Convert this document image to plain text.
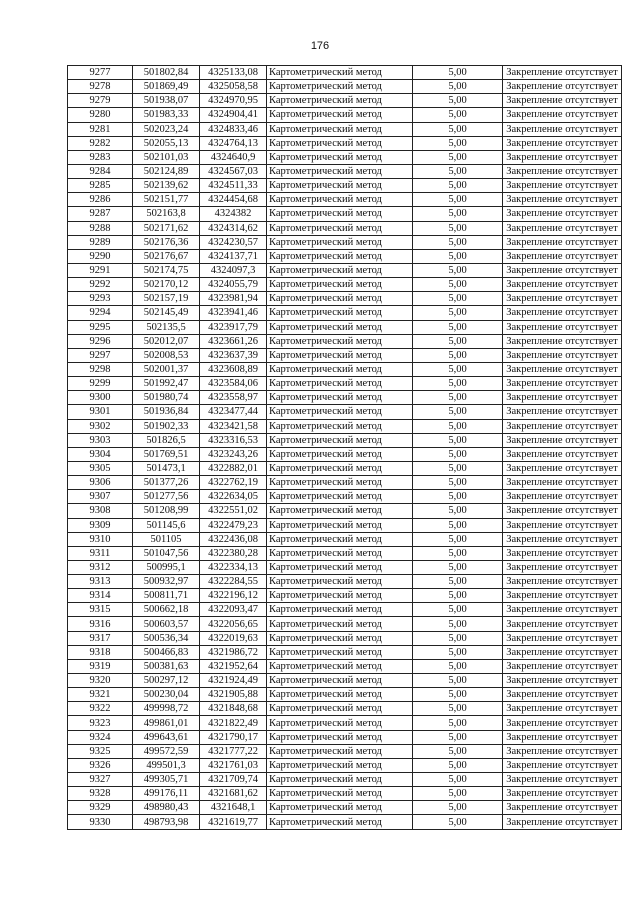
176
9277	501802,84	4325133,08	Картометрический метод	5,00	Закрепление отсутствует
9278	501869,49	4325058,58	Картометрический метод	5,00	Закрепление отсутствует
9279	501938,07	4324970,95	Картометрический метод	5,00	Закрепление отсутствует
9280	501983,33	4324904,41	Картометрический метод	5,00	Закрепление отсутствует
9281	502023,24	4324833,46	Картометрический метод	5,00	Закрепление отсутствует
9282	502055,13	4324764,13	Картометрический метод	5,00	Закрепление отсутствует
9283	502101,03	4324640,9	Картометрический метод	5,00	Закрепление отсутствует
9284	502124,89	4324567,03	Картометрический метод	5,00	Закрепление отсутствует
9285	502139,62	4324511,33	Картометрический метод	5,00	Закрепление отсутствует
9286	502151,77	4324454,68	Картометрический метод	5,00	Закрепление отсутствует
9287	502163,8	4324382	Картометрический метод	5,00	Закрепление отсутствует
9288	502171,62	4324314,62	Картометрический метод	5,00	Закрепление отсутствует
9289	502176,36	4324230,57	Картометрический метод	5,00	Закрепление отсутствует
9290	502176,67	4324137,71	Картометрический метод	5,00	Закрепление отсутствует
9291	502174,75	4324097,3	Картометрический метод	5,00	Закрепление отсутствует
9292	502170,12	4324055,79	Картометрический метод	5,00	Закрепление отсутствует
9293	502157,19	4323981,94	Картометрический метод	5,00	Закрепление отсутствует
9294	502145,49	4323941,46	Картометрический метод	5,00	Закрепление отсутствует
9295	502135,5	4323917,79	Картометрический метод	5,00	Закрепление отсутствует
9296	502012,07	4323661,26	Картометрический метод	5,00	Закрепление отсутствует
9297	502008,53	4323637,39	Картометрический метод	5,00	Закрепление отсутствует
9298	502001,37	4323608,89	Картометрический метод	5,00	Закрепление отсутствует
9299	501992,47	4323584,06	Картометрический метод	5,00	Закрепление отсутствует
9300	501980,74	4323558,97	Картометрический метод	5,00	Закрепление отсутствует
9301	501936,84	4323477,44	Картометрический метод	5,00	Закрепление отсутствует
9302	501902,33	4323421,58	Картометрический метод	5,00	Закрепление отсутствует
9303	501826,5	4323316,53	Картометрический метод	5,00	Закрепление отсутствует
9304	501769,51	4323243,26	Картометрический метод	5,00	Закрепление отсутствует
9305	501473,1	4322882,01	Картометрический метод	5,00	Закрепление отсутствует
9306	501377,26	4322762,19	Картометрический метод	5,00	Закрепление отсутствует
9307	501277,56	4322634,05	Картометрический метод	5,00	Закрепление отсутствует
9308	501208,99	4322551,02	Картометрический метод	5,00	Закрепление отсутствует
9309	501145,6	4322479,23	Картометрический метод	5,00	Закрепление отсутствует
9310	501105	4322436,08	Картометрический метод	5,00	Закрепление отсутствует
9311	501047,56	4322380,28	Картометрический метод	5,00	Закрепление отсутствует
9312	500995,1	4322334,13	Картометрический метод	5,00	Закрепление отсутствует
9313	500932,97	4322284,55	Картометрический метод	5,00	Закрепление отсутствует
9314	500811,71	4322196,12	Картометрический метод	5,00	Закрепление отсутствует
9315	500662,18	4322093,47	Картометрический метод	5,00	Закрепление отсутствует
9316	500603,57	4322056,65	Картометрический метод	5,00	Закрепление отсутствует
9317	500536,34	4322019,63	Картометрический метод	5,00	Закрепление отсутствует
9318	500466,83	4321986,72	Картометрический метод	5,00	Закрепление отсутствует
9319	500381,63	4321952,64	Картометрический метод	5,00	Закрепление отсутствует
9320	500297,12	4321924,49	Картометрический метод	5,00	Закрепление отсутствует
9321	500230,04	4321905,88	Картометрический метод	5,00	Закрепление отсутствует
9322	499998,72	4321848,68	Картометрический метод	5,00	Закрепление отсутствует
9323	499861,01	4321822,49	Картометрический метод	5,00	Закрепление отсутствует
9324	499643,61	4321790,17	Картометрический метод	5,00	Закрепление отсутствует
9325	499572,59	4321777,22	Картометрический метод	5,00	Закрепление отсутствует
9326	499501,3	4321761,03	Картометрический метод	5,00	Закрепление отсутствует
9327	499305,71	4321709,74	Картометрический метод	5,00	Закрепление отсутствует
9328	499176,11	4321681,62	Картометрический метод	5,00	Закрепление отсутствует
9329	498980,43	4321648,1	Картометрический метод	5,00	Закрепление отсутствует
9330	498793,98	4321619,77	Картометрический метод	5,00	Закрепление отсутствует
